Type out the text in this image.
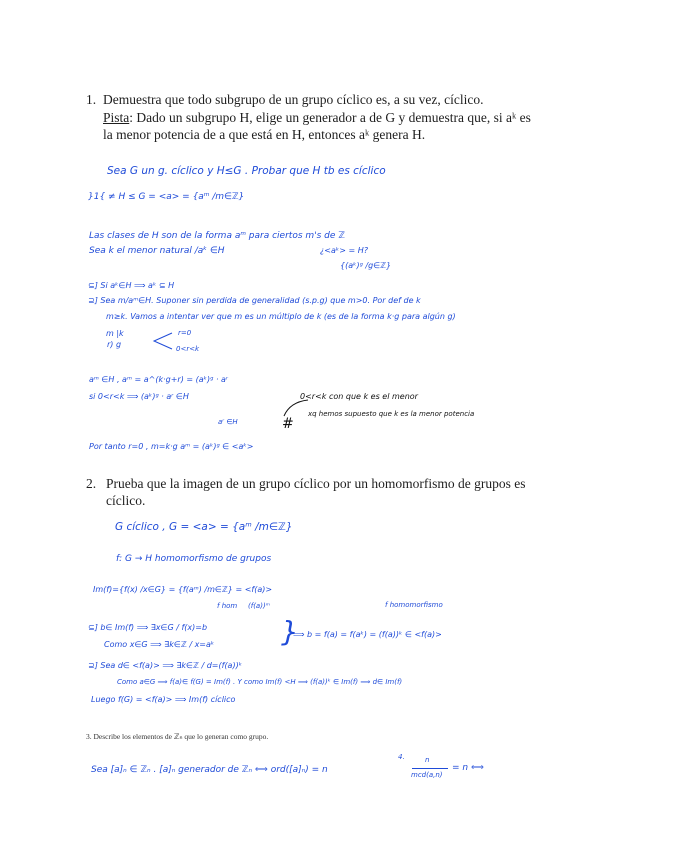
1. Demuestra que todo subgrupo de un grupo cíclico es, a su vez, cíclico.
Pista: Dado un subgrupo H, elige un generador a de G y demuestra que, si aᵏ es
la menor potencia de a que está en H, entonces aᵏ genera H.
Sea G un g. cíclico y H≤G . Probar que H tb es cíclico
}1{ ≠ H ≤ G = <a> = {aᵐ /m∈ℤ}
Las clases de H son de la forma aᵐ para ciertos m's de ℤ
Sea k el menor natural /aᵏ ∈H	¿<aᵏ> = H?
{(aᵏ)ᵍ /g∈ℤ}
⊆] Si aᵏ∈H ⟹ aᵏ ⊆ H
⊇] Sea m/aᵐ∈H. Suponer sin perdida de generalidad (s.p.g) que m>0. Por def de k
m≥k. Vamos a intentar ver que m es un múltiplo de k (es de la forma k·g para algún g)
m |k
r) g
r=0
0<r<k
aᵐ ∈H , aᵐ = a^(k·g+r) = (aᵏ)ᵍ · aʳ
si 0<r<k ⟹ (aᵏ)ᵍ · aʳ ∈H
aʳ ∈H	#
0<r<k con que k es el menor
xq hemos supuesto que k es la menor potencia
Por tanto r=0 , m=k·g aᵐ = (aᵏ)ᵍ ∈ <aᵏ>
2. Prueba que la imagen de un grupo cíclico por un homomorfismo de grupos es
cíclico.
G cíclico , G = <a> = {aᵐ /m∈ℤ}
f: G → H homomorfismo de grupos
Im(f)={f(x) /x∈G} = {f(aᵐ) /m∈ℤ} = <f(a)>
f hom (f(a))ᵐ	f homomorfismo
⊆] b∈ Im(f) ⟹ ∃x∈G / f(x)=b
Como x∈G ⟹ ∃k∈ℤ / x=aᵏ }
⟹ b = f(a) = f(aᵏ) = (f(a))ᵏ ∈ <f(a)>
⊇] Sea d∈ <f(a)> ⟹ ∃k∈ℤ / d=(f(a))ᵏ
Como a∈G ⟹ f(a)∈ f(G) = Im(f) . Y como Im(f) <H ⟹ (f(a))ᵏ ∈ Im(f) ⟹ d∈ Im(f)
Luego f(G) = <f(a)> ⟹ Im(f) cíclico
3. Describe los elementos de ℤₙ que lo generan como grupo.
Sea [a]ₙ ∈ ℤₙ . [a]ₙ generador de ℤₙ ⟺ ord([a]ₙ) = n
4.	n
mcd(a,n)
= n ⟺
